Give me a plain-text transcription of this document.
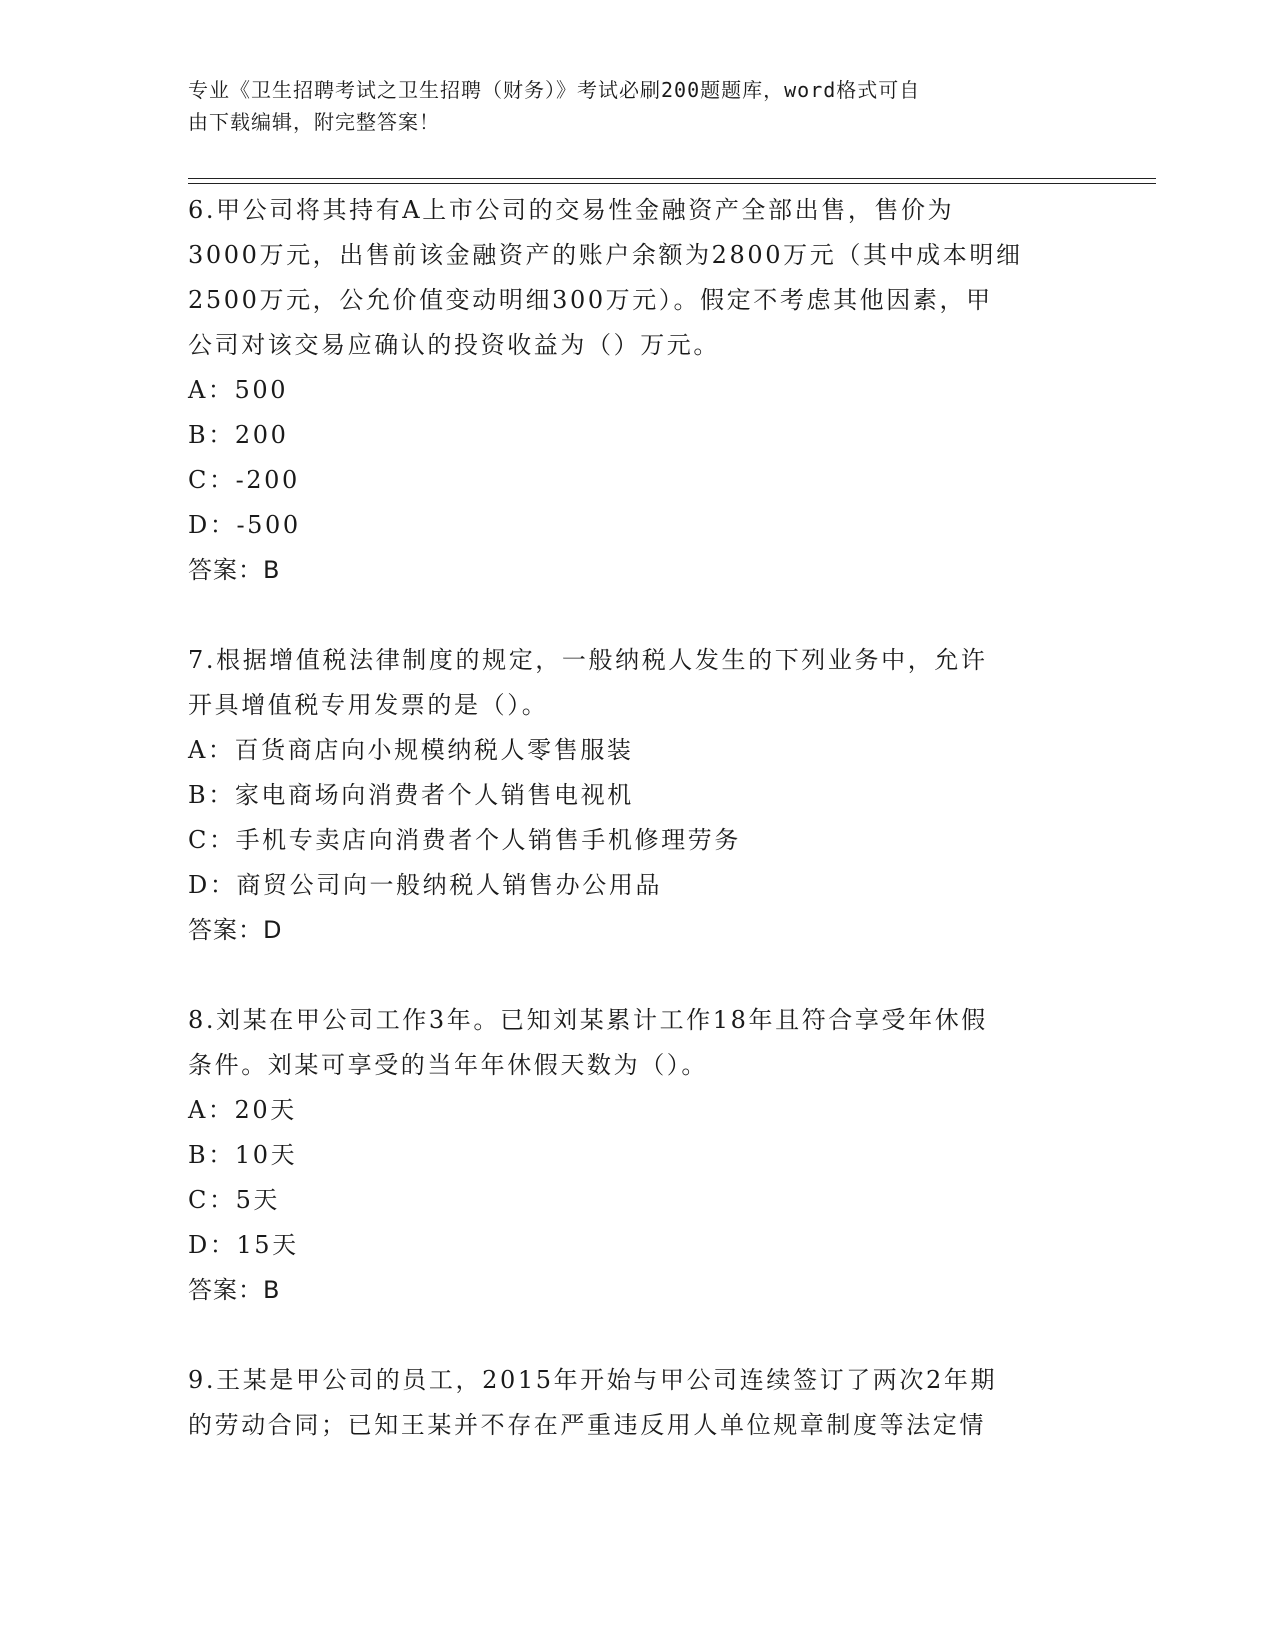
专业《卫生招聘考试之卫生招聘（财务）》考试必刷200题题库，word格式可自
由下载编辑，附完整答案！

6.甲公司将其持有A上市公司的交易性金融资产全部出售，售价为

3000万元，出售前该金融资产的账户余额为2800万元（其中成本明细

2500万元，公允价值变动明细300万元）。假定不考虑其他因素，甲

公司对该交易应确认的投资收益为（）万元。

A：500

B：200

C：-200

D：-500

答案：B

7.根据增值税法律制度的规定，一般纳税人发生的下列业务中，允许

开具增值税专用发票的是（）。

A：百货商店向小规模纳税人零售服装

B：家电商场向消费者个人销售电视机

C：手机专卖店向消费者个人销售手机修理劳务

D：商贸公司向一般纳税人销售办公用品

答案：D

8.刘某在甲公司工作3年。已知刘某累计工作18年且符合享受年休假

条件。刘某可享受的当年年休假天数为（）。

A：20天

B：10天

C：5天

D：15天

答案：B

9.王某是甲公司的员工，2015年开始与甲公司连续签订了两次2年期

的劳动合同；已知王某并不存在严重违反用人单位规章制度等法定情
